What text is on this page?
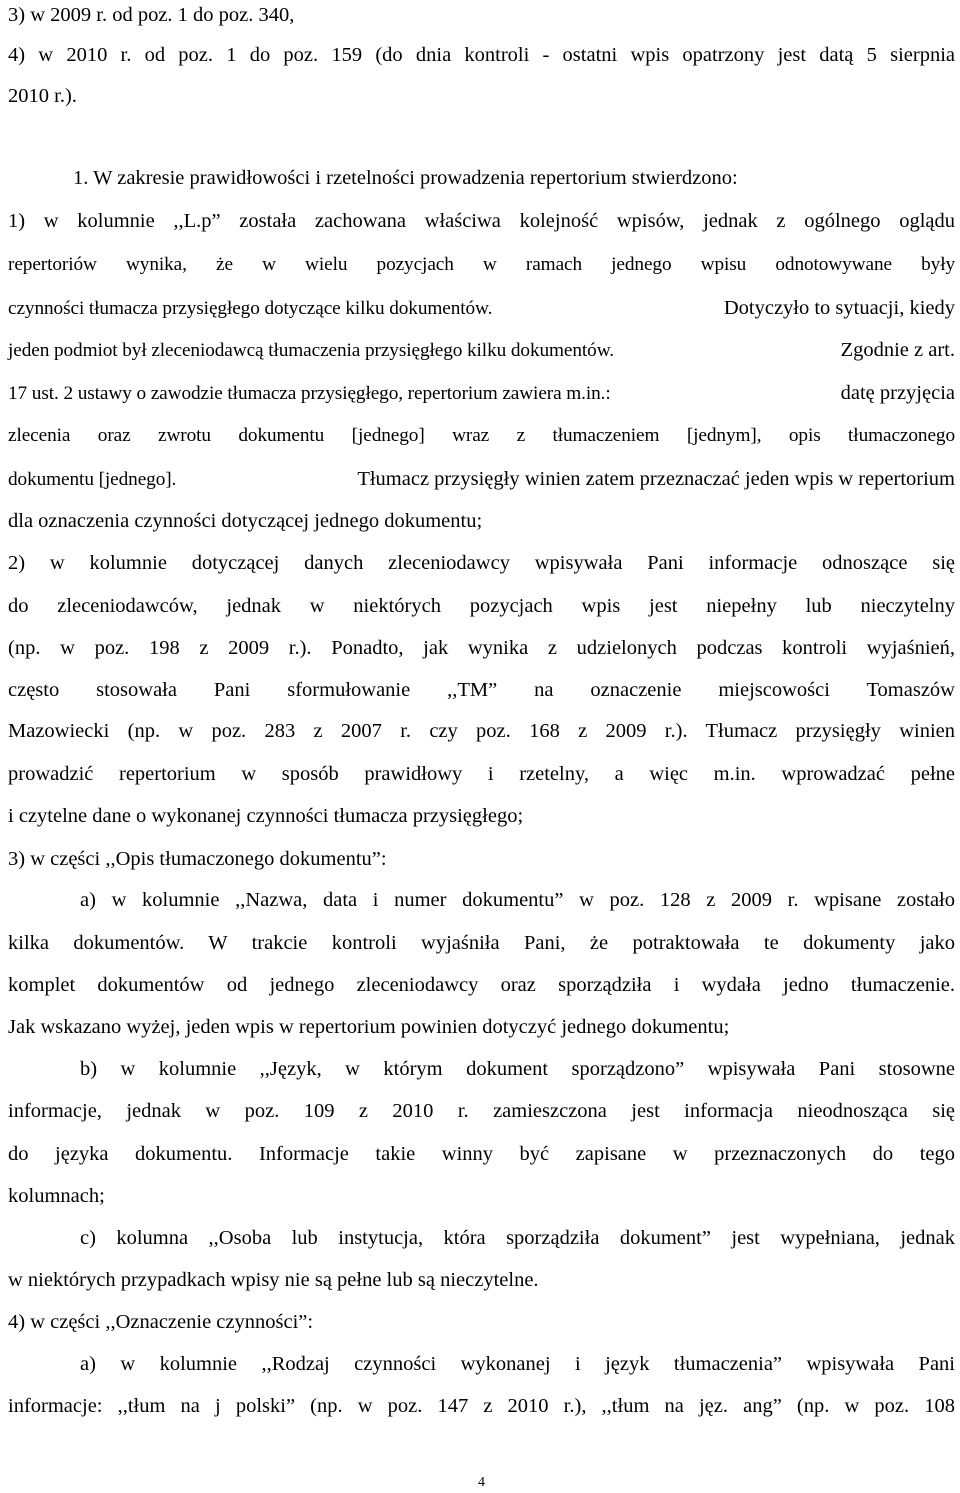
3) w 2009 r. od poz. 1 do poz. 340,
4) w 2010 r. od poz. 1 do poz. 159 (do dnia kontroli - ostatni wpis opatrzony jest datą 5 sierpnia
2010 r.).
1. W zakresie prawidłowości i rzetelności prowadzenia repertorium stwierdzono:
1) w kolumnie ,,L.p” została zachowana właściwa kolejność wpisów, jednak z ogólnego oglądu
repertoriów wynika, że w wielu pozycjach w ramach jednego wpisu odnotowywane były
czynności tłumacza przysięgłego dotyczące kilku dokumentów.	Dotyczyło to sytuacji, kiedy
jeden podmiot był zleceniodawcą tłumaczenia przysięgłego kilku dokumentów.	Zgodnie z art.
17 ust. 2 ustawy o zawodzie tłumacza przysięgłego, repertorium zawiera m.in.:	datę przyjęcia
zlecenia oraz zwrotu dokumentu [jednego] wraz z tłumaczeniem [jednym], opis tłumaczonego
dokumentu [jednego].	Tłumacz przysięgły winien zatem przeznaczać jeden wpis w repertorium
dla oznaczenia czynności dotyczącej jednego dokumentu;
2) w kolumnie dotyczącej danych zleceniodawcy wpisywała Pani informacje odnoszące się
do zleceniodawców, jednak w niektórych pozycjach wpis jest niepełny lub nieczytelny
(np. w poz. 198 z 2009 r.). Ponadto, jak wynika z udzielonych podczas kontroli wyjaśnień,
często stosowała Pani sformułowanie ,,TM” na oznaczenie miejscowości Tomaszów
Mazowiecki (np. w poz. 283 z 2007 r. czy poz. 168 z 2009 r.). Tłumacz przysięgły winien
prowadzić repertorium w sposób prawidłowy i rzetelny, a więc m.in. wprowadzać pełne
i czytelne dane o wykonanej czynności tłumacza przysięgłego;
3) w części ,,Opis tłumaczonego dokumentu”:
a) w kolumnie ,,Nazwa, data i numer dokumentu” w poz. 128 z 2009 r. wpisane zostało
kilka dokumentów. W trakcie kontroli wyjaśniła Pani, że potraktowała te dokumenty jako
komplet dokumentów od jednego zleceniodawcy oraz sporządziła i wydała jedno tłumaczenie.
Jak wskazano wyżej, jeden wpis w repertorium powinien dotyczyć jednego dokumentu;
b) w kolumnie ,,Język, w którym dokument sporządzono” wpisywała Pani stosowne
informacje, jednak w poz. 109 z 2010 r. zamieszczona jest informacja nieodnosząca się
do języka dokumentu. Informacje takie winny być zapisane w przeznaczonych do tego
kolumnach;
c) kolumna ,,Osoba lub instytucja, która sporządziła dokument” jest wypełniana, jednak
w niektórych przypadkach wpisy nie są pełne lub są nieczytelne.
4) w części ,,Oznaczenie czynności”:
a) w kolumnie ,,Rodzaj czynności wykonanej i język tłumaczenia” wpisywała Pani
informacje: ,,tłum na j polski” (np. w poz. 147 z 2010 r.), ,,tłum na jęz. ang” (np. w poz. 108
4
